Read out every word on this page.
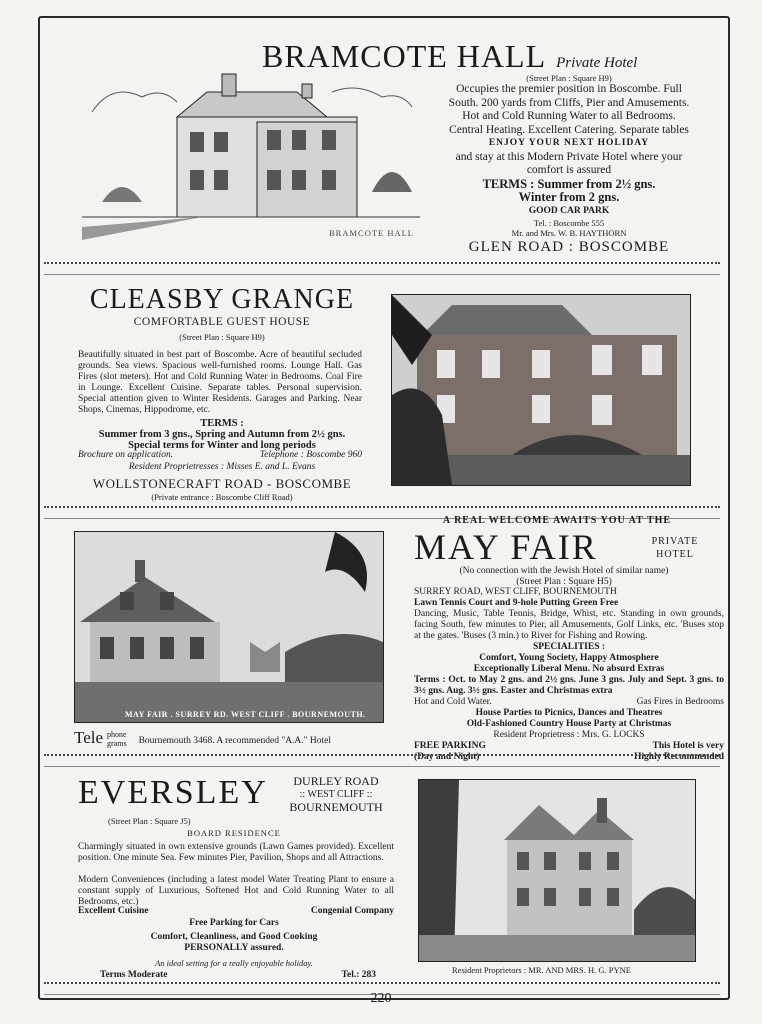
BRAMCOTE HALL
BRAMCOTE HALL Private Hotel
(Street Plan : Square H9)
Occupies the premier position in Boscombe. Full South. 200 yards from Cliffs, Pier and Amusements. Hot and Cold Running Water to all Bedrooms. Central Heating. Excellent Catering. Separate tables
ENJOY YOUR NEXT HOLIDAY
and stay at this Modern Private Hotel where your comfort is assured
TERMS : Summer from 2½ gns.
Winter from 2 gns.
GOOD CAR PARK
Tel. : Boscombe 555
Mr. and Mrs. W. B. HAYTHORN
GLEN ROAD : BOSCOMBE
CLEASBY GRANGE
COMFORTABLE GUEST HOUSE
(Street Plan : Square H9)
Beautifully situated in best part of Boscombe. Acre of beautiful secluded grounds. Sea views. Spacious well-furnished rooms. Lounge Hall. Gas Fires (slot meters). Hot and Cold Running Water in Bedrooms. Coal Fire in Lounge. Excellent Cuisine. Separate tables. Personal supervision. Special attention given to Winter Residents. Garages and Parking. Near Shops, Cinemas, Hippodrome, etc.
TERMS :
Summer from 3 gns., Spring and Autumn from 2½ gns.
Special terms for Winter and long periods
Brochure on application.	Telephone : Boscombe 960
Resident Proprietresses : Misses E. and L. Evans
WOLLSTONECRAFT ROAD - BOSCOMBE
(Private entrance : Boscombe Cliff Road)
MAY FAIR . SURREY RD. WEST CLIFF . BOURNEMOUTH.
Tele phone
grams Bournemouth 3468. A recommended "A.A." Hotel
A REAL WELCOME AWAITS YOU AT THE
MAY FAIR	PRIVATE
HOTEL
(No connection with the Jewish Hotel of similar name)
(Street Plan : Square H5)
SURREY ROAD, WEST CLIFF, BOURNEMOUTH
Lawn Tennis Court and 9-hole Putting Green Free
Dancing, Music, Table Tennis, Bridge, Whist, etc. Standing in own grounds, facing South, few minutes to Pier, all Amusements, Golf Links, etc. 'Buses stop at the gates. 'Buses (3 min.) to River for Fishing and Rowing.
SPECIALITIES :
Comfort, Young Society, Happy Atmosphere
Exceptionally Liberal Menu. No absurd Extras
Terms : Oct. to May 2 gns. and 2½ gns. June 3 gns. July and Sept. 3 gns. to 3½ gns. Aug. 3½ gns. Easter and Christmas extra
Hot and Cold Water.	Gas Fires in Bedrooms
House Parties to Picnics, Dances and Theatres
Old-Fashioned Country House Party at Christmas
Resident Proprietress : Mrs. G. LOCKS
FREE PARKING	This Hotel is very
(Day and Night)	Highly Recommended
EVERSLEY	DURLEY ROAD
:: WEST CLIFF ::
BOURNEMOUTH
(Street Plan : Square J5)
BOARD RESIDENCE
Charmingly situated in own extensive grounds (Lawn Games provided). Excellent position. One minute Sea. Few minutes Pier, Pavilion, Shops and all Attractions.
Modern Conveniences (including a latest model Water Treating Plant to ensure a constant supply of Luxurious, Softened Hot and Cold Running Water to all Bedrooms, etc.)
Excellent Cuisine	Congenial Company
Free Parking for Cars
Comfort, Cleanliness, and Good Cooking
PERSONALLY assured.
An ideal setting for a really enjoyable holiday.
Terms Moderate	Tel.: 283	Resident Proprietors : MR. AND MRS. H. G. PYNE
220
